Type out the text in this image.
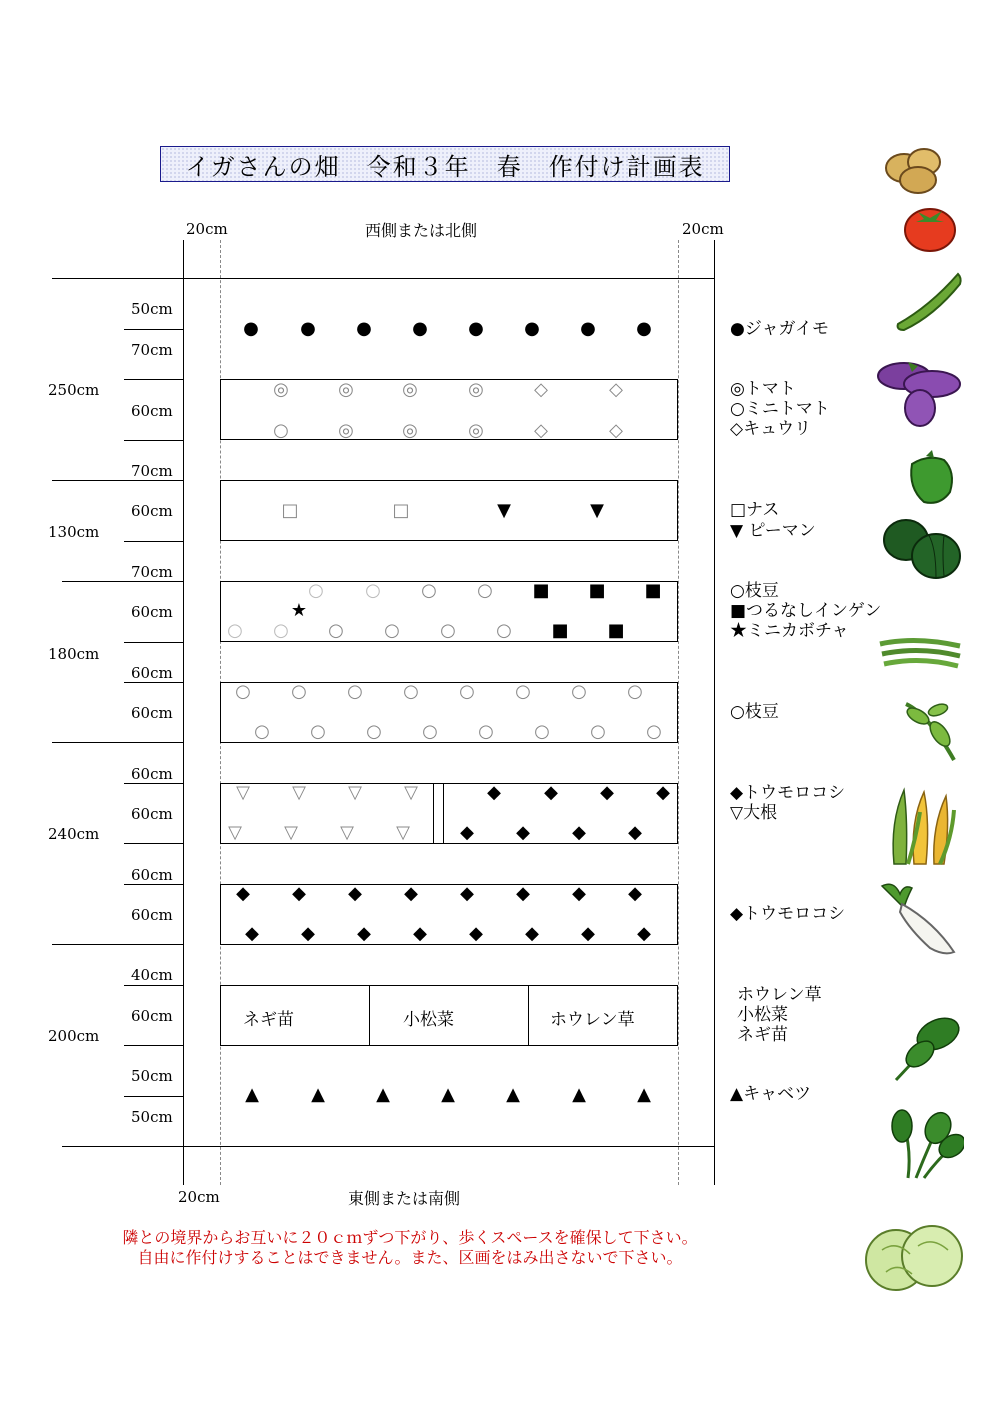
イガさんの畑　令和３年　春　作付け計画表
20cm	20cm
西側または北側
20cm	東側または南側
50cm
70cm
60cm
70cm
60cm
70cm
60cm
60cm
60cm
60cm
60cm
60cm
60cm
40cm
60cm
50cm
50cm
250cm
130cm
180cm
240cm
200cm
ネギ苗	小松菜	ホウレン草
● ● ● ● ● ● ● ●
◎	◎	◎	◎	◇	◇
○	◎	◎	◎	◇	◇
□	□	▼	▼
○ ○ ○ ○ ■ ■ ■
★
○ ○ ○ ○ ○ ○ ■ ■
○ ○ ○ ○ ○ ○ ○ ○
○ ○ ○ ○ ○ ○ ○ ○
▽ ▽ ▽ ▽
▽ ▽ ▽ ▽
◆ ◆ ◆ ◆
◆ ◆ ◆ ◆
◆ ◆ ◆ ◆ ◆ ◆ ◆ ◆
◆ ◆ ◆ ◆ ◆ ◆ ◆ ◆
▲	▲	▲	▲	▲	▲	▲
●ジャガイモ
◎トマト
○ミニトマト
◇キュウリ
□ナス
▼ ピーマン
○枝豆
■つるなしインゲン
★ミニカボチャ
○枝豆
◆トウモロコシ
▽大根
◆トウモロコシ
ホウレン草
小松菜
ネギ苗
▲キャベツ
隣との境界からお互いに２０ｃｍずつ下がり、歩くスペースを確保して下さい。
自由に作付けすることはできません。また、区画をはみ出さないで下さい。
